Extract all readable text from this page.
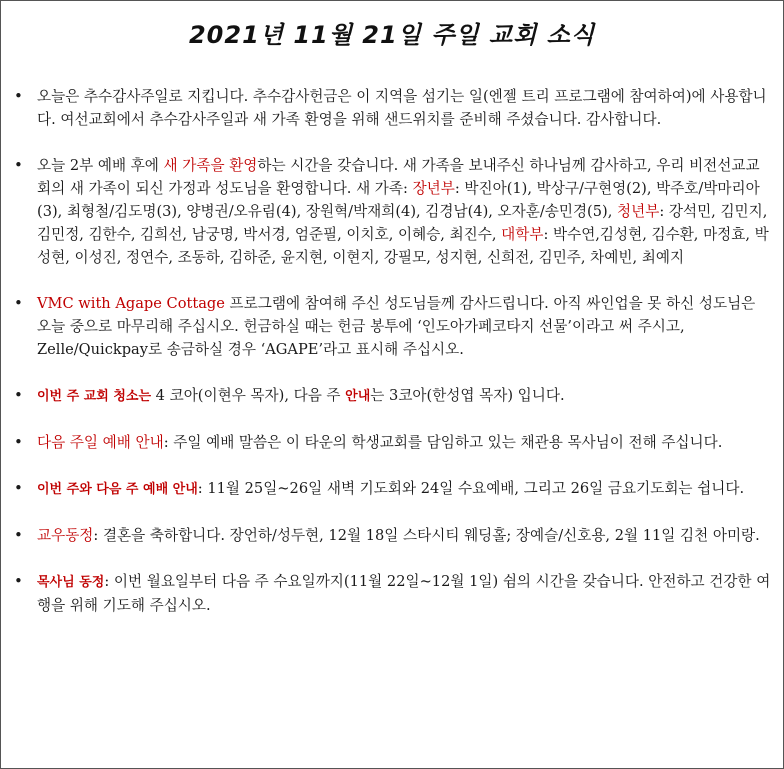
2021년 11월 21일 주일 교회 소식
• 오늘은 추수감사주일로 지킵니다. 추수감사헌금은 이 지역을 섬기는 일(엔젤 트리 프로그램에 참여하여)에 사용합니다. 여선교회에서 추수감사주일과 새 가족 환영을 위해 샌드위치를 준비해 주셨습니다. 감사합니다.
• 오늘 2부 예배 후에 새 가족을 환영하는 시간을 갖습니다. 새 가족을 보내주신 하나님께 감사하고, 우리 비전선교교회의 새 가족이 되신 가정과 성도님을 환영합니다. 새 가족: 장년부: 박진아(1), 박상구/구현영(2), 박주호/박마리아(3), 최형철/김도명(3), 양병권/오유림(4), 장원혁/박재희(4), 김경남(4), 오자훈/송민경(5), 청년부: 강석민, 김민지, 김민정, 김한수, 김희선, 남궁명, 박서경, 엄준필, 이치호, 이혜승, 최진수, 대학부: 박수연,김성현, 김수환, 마정효, 박성현, 이성진, 정연수, 조동하, 김하준, 윤지현, 이현지, 강필모, 성지현, 신희전, 김민주, 차예빈, 최예지
• VMC with Agape Cottage 프로그램에 참여해 주신 성도님들께 감사드립니다. 아직 싸인업을 못 하신 성도님은 오늘 중으로 마무리해 주십시오. 헌금하실 때는 헌금 봉투에 ‘인도아가페코타지 선물’이라고 써 주시고, Zelle/Quickpay로 송금하실 경우 ‘AGAPE’라고 표시해 주십시오.
• 이번 주 교회 청소는 4 코아(이현우 목자), 다음 주 안내는 3코아(한성엽 목자) 입니다.
• 다음 주일 예배 안내: 주일 예배 말씀은 이 타운의 학생교회를 담임하고 있는 채관용 목사님이 전해 주십니다.
• 이번 주와 다음 주 예배 안내: 11월 25일~26일 새벽 기도회와 24일 수요예배, 그리고 26일 금요기도회는 쉽니다.
• 교우동정: 결혼을 축하합니다. 장언하/성두현, 12월 18일 스타시티 웨딩홀; 장예슬/신호용, 2월 11일 김천 아미랑.
• 목사님 동정: 이번 월요일부터 다음 주 수요일까지(11월 22일~12월 1일) 쉼의 시간을 갖습니다. 안전하고 건강한 여행을 위해 기도해 주십시오.
